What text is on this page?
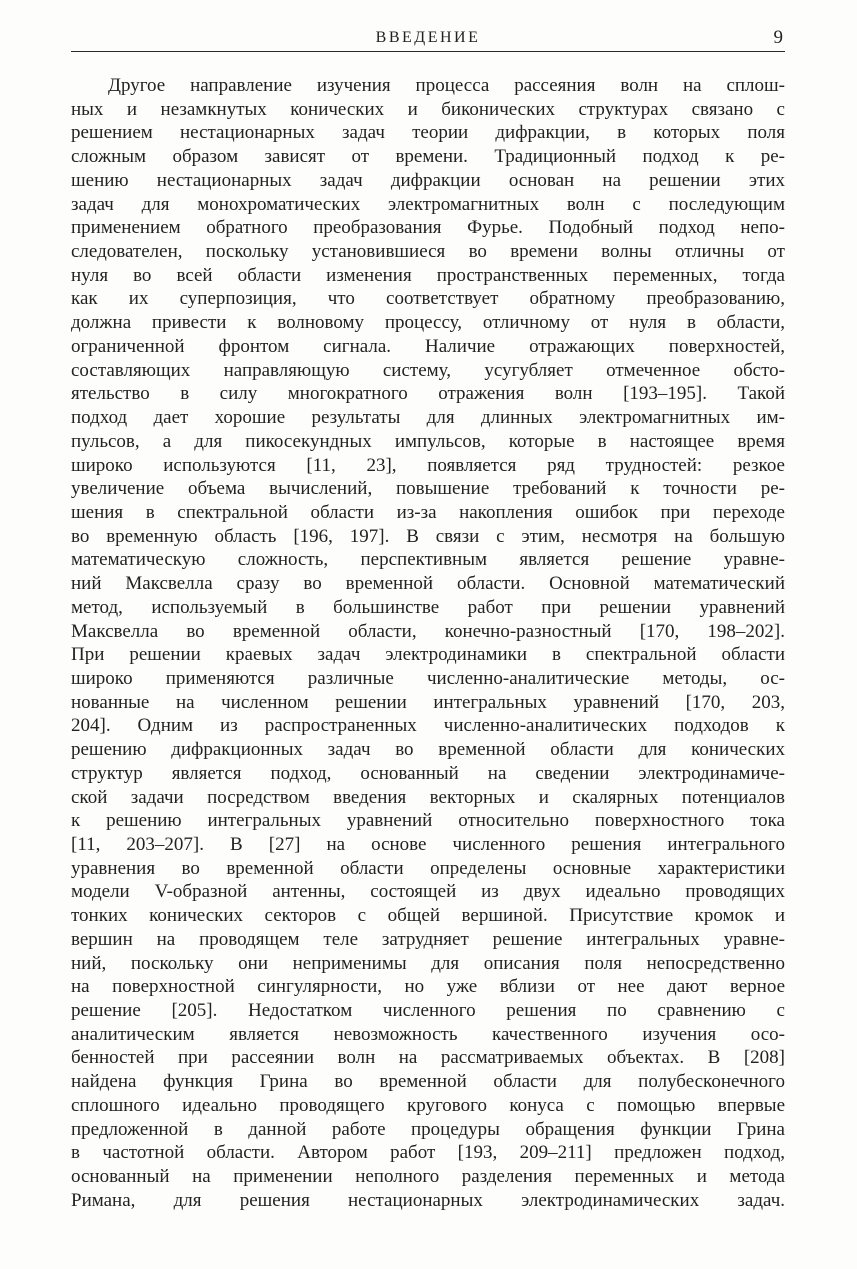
ВВЕДЕНИЕ	9
Другое направление изучения процесса рассеяния волн на сплош-
ных и незамкнутых конических и биконических структурах связано с
решением нестационарных задач теории дифракции, в которых поля
сложным образом зависят от времени. Традиционный подход к ре-
шению нестационарных задач дифракции основан на решении этих
задач для монохроматических электромагнитных волн с последующим
применением обратного преобразования Фурье. Подобный подход непо-
следователен, поскольку установившиеся во времени волны отличны от
нуля во всей области изменения пространственных переменных, тогда
как их суперпозиция, что соответствует обратному преобразованию,
должна привести к волновому процессу, отличному от нуля в области,
ограниченной фронтом сигнала. Наличие отражающих поверхностей,
составляющих направляющую систему, усугубляет отмеченное обсто-
ятельство в силу многократного отражения волн [193–195]. Такой
подход дает хорошие результаты для длинных электромагнитных им-
пульсов, а для пикосекундных импульсов, которые в настоящее время
широко используются [11, 23], появляется ряд трудностей: резкое
увеличение объема вычислений, повышение требований к точности ре-
шения в спектральной области из-за накопления ошибок при переходе
во временную область [196, 197]. В связи с этим, несмотря на большую
математическую сложность, перспективным является решение уравне-
ний Максвелла сразу во временной области. Основной математический
метод, используемый в большинстве работ при решении уравнений
Максвелла во временной области, конечно-разностный [170, 198–202].
При решении краевых задач электродинамики в спектральной области
широко применяются различные численно-аналитические методы, ос-
нованные на численном решении интегральных уравнений [170, 203,
204]. Одним из распространенных численно-аналитических подходов к
решению дифракционных задач во временной области для конических
структур является подход, основанный на сведении электродинамиче-
ской задачи посредством введения векторных и скалярных потенциалов
к решению интегральных уравнений относительно поверхностного тока
[11, 203–207]. В [27] на основе численного решения интегрального
уравнения во временной области определены основные характеристики
модели V-образной антенны, состоящей из двух идеально проводящих
тонких конических секторов с общей вершиной. Присутствие кромок и
вершин на проводящем теле затрудняет решение интегральных уравне-
ний, поскольку они неприменимы для описания поля непосредственно
на поверхностной сингулярности, но уже вблизи от нее дают верное
решение [205]. Недостатком численного решения по сравнению с
аналитическим является невозможность качественного изучения осо-
бенностей при рассеянии волн на рассматриваемых объектах. В [208]
найдена функция Грина во временной области для полубесконечного
сплошного идеально проводящего кругового конуса с помощью впервые
предложенной в данной работе процедуры обращения функции Грина
в частотной области. Автором работ [193, 209–211] предложен подход,
основанный на применении неполного разделения переменных и метода
Римана, для решения нестационарных электродинамических задач.
